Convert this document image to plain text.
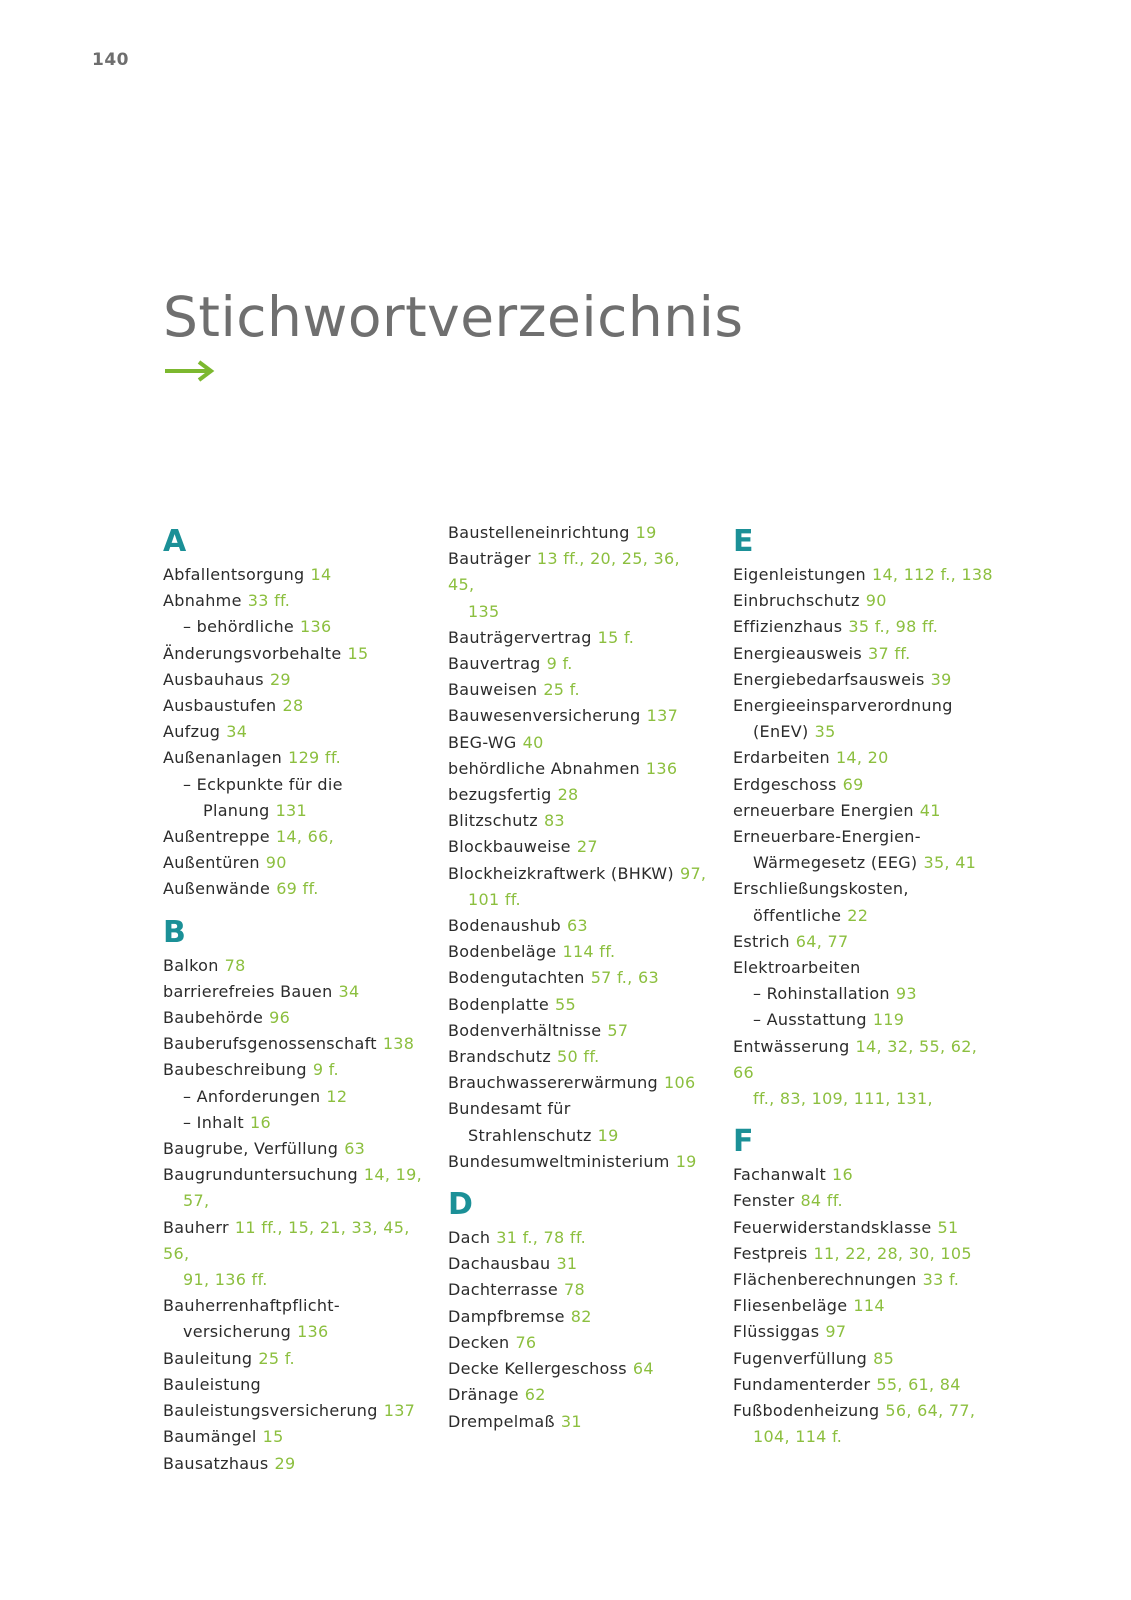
140
Stichwortverzeichnis
A
Abfallentsorgung 14
Abnahme 33 ff.
– behördliche 136
Änderungsvorbehalte 15
Ausbauhaus 29
Ausbaustufen 28
Aufzug 34
Außenanlagen 129 ff.
– Eckpunkte für die
Planung 131
Außentreppe 14, 66,
Außentüren 90
Außenwände 69 ff.
B
Balkon 78
barrierefreies Bauen 34
Baubehörde 96
Bauberufsgenossenschaft 138
Baubeschreibung 9 f.
– Anforderungen 12
– Inhalt 16
Baugrube, Verfüllung 63
Baugrunduntersuchung 14, 19,
57,
Bauherr 11 ff., 15, 21, 33, 45, 56,
91, 136 ff.
Bauherrenhaftpflicht-
versicherung 136
Bauleitung 25 f.
Bauleistung
Bauleistungsversicherung 137
Baumängel 15
Bausatzhaus 29
Baustelleneinrichtung 19
Bauträger 13 ff., 20, 25, 36, 45,
135
Bauträgervertrag 15 f.
Bauvertrag 9 f.
Bauweisen 25 f.
Bauwesenversicherung 137
BEG-WG 40
behördliche Abnahmen 136
bezugsfertig 28
Blitzschutz 83
Blockbauweise 27
Blockheizkraftwerk (BHKW) 97,
101 ff.
Bodenaushub 63
Bodenbeläge 114 ff.
Bodengutachten 57 f., 63
Bodenplatte 55
Bodenverhältnisse 57
Brandschutz 50 ff.
Brauchwassererwärmung 106
Bundesamt für
Strahlenschutz 19
Bundesumweltministerium 19
D
Dach 31 f., 78 ff.
Dachausbau 31
Dachterrasse 78
Dampfbremse 82
Decken 76
Decke Kellergeschoss 64
Dränage 62
Drempelmaß 31
E
Eigenleistungen 14, 112 f., 138
Einbruchschutz 90
Effizienzhaus 35 f., 98 ff.
Energieausweis 37 ff.
Energiebedarfsausweis 39
Energieeinsparverordnung
(EnEV) 35
Erdarbeiten 14, 20
Erdgeschoss 69
erneuerbare Energien 41
Erneuerbare-Energien-
Wärmegesetz (EEG) 35, 41
Erschließungskosten,
öffentliche 22
Estrich 64, 77
Elektroarbeiten
– Rohinstallation 93
– Ausstattung 119
Entwässerung 14, 32, 55, 62, 66
ff., 83, 109, 111, 131,
F
Fachanwalt 16
Fenster 84 ff.
Feuerwiderstandsklasse 51
Festpreis 11, 22, 28, 30, 105
Flächenberechnungen 33 f.
Fliesenbeläge 114
Flüssiggas 97
Fugenverfüllung 85
Fundamenterder 55, 61, 84
Fußbodenheizung 56, 64, 77,
104, 114 f.
